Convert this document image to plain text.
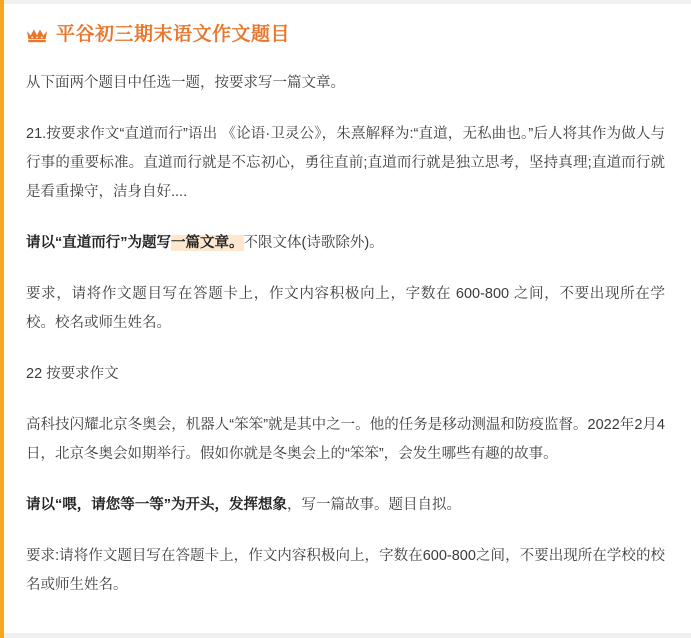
平谷初三期末语文作文题目

从下面两个题目中任选一题，按要求写一篇文章。

21.按要求作文“直道而行”语出 《论语·卫灵公》，朱熹解释为:“直道，无私曲也。”后人将其作为做人与行事的重要标准。直道而行就是不忘初心，勇往直前;直道而行就是独立思考，坚持真理;直道而行就是看重操守，洁身自好....

请以“直道而行”为题写一篇文章。不限文体(诗歌除外)。

要求，请将作文题目写在答题卡上，作文内容积极向上，字数在 600-800 之间，不要出现所在学校。校名或师生姓名。

22 按要求作文

高科技闪耀北京冬奥会，机器人“笨笨”就是其中之一。他的任务是移动测温和防疫监督。2022年2月4日，北京冬奥会如期举行。假如你就是冬奥会上的“笨笨”，会发生哪些有趣的故事。

请以“喂，请您等一等”为开头，发挥想象，写一篇故事。题目自拟。

要求:请将作文题目写在答题卡上，作文内容积极向上，字数在600-800之间，不要出现所在学校的校名或师生姓名。
